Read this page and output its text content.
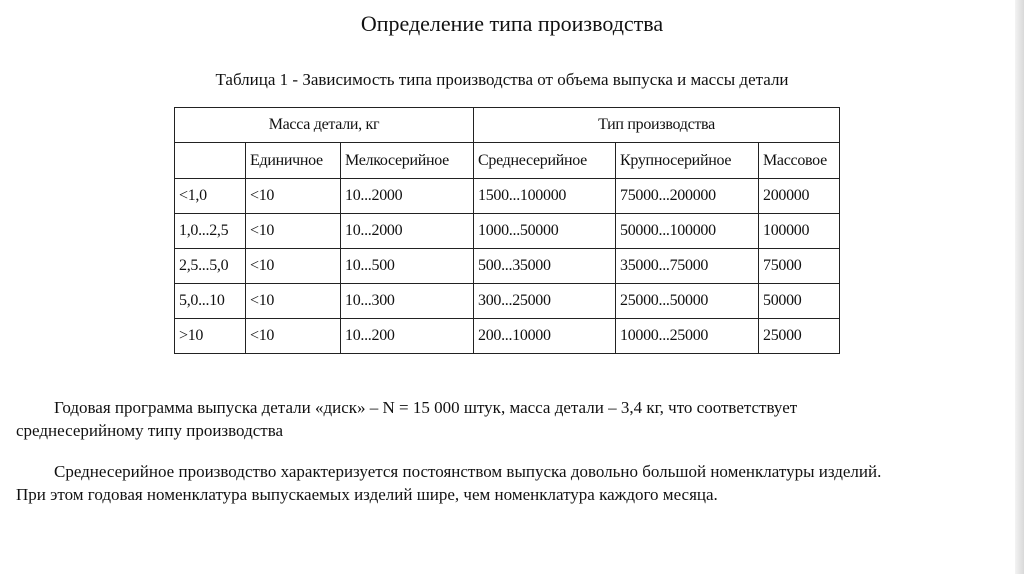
Определение типа производства
Таблица 1 - Зависимость типа производства от объема выпуска и массы детали
Масса детали, кг			Тип производства		
	Единичное	Мелкосерийное	Среднесерийное	Крупносерийное	Массовое
<1,0	<10	10...2000	1500...100000	75000...200000	200000
1,0...2,5	<10	10...2000	1000...50000	50000...100000	100000
2,5...5,0	<10	10...500	500...35000	35000...75000	75000
5,0...10	<10	10...300	300...25000	25000...50000	50000
>10	<10	10...200	200...10000	10000...25000	25000
Годовая программа выпуска детали «диск» – N = 15 000 штук, масса детали – 3,4 кг, что соответствует
среднесерийному типу производства
Среднесерийное производство характеризуется постоянством выпуска довольно большой номенклатуры изделий.
При этом годовая номенклатура выпускаемых изделий шире, чем номенклатура каждого месяца.
